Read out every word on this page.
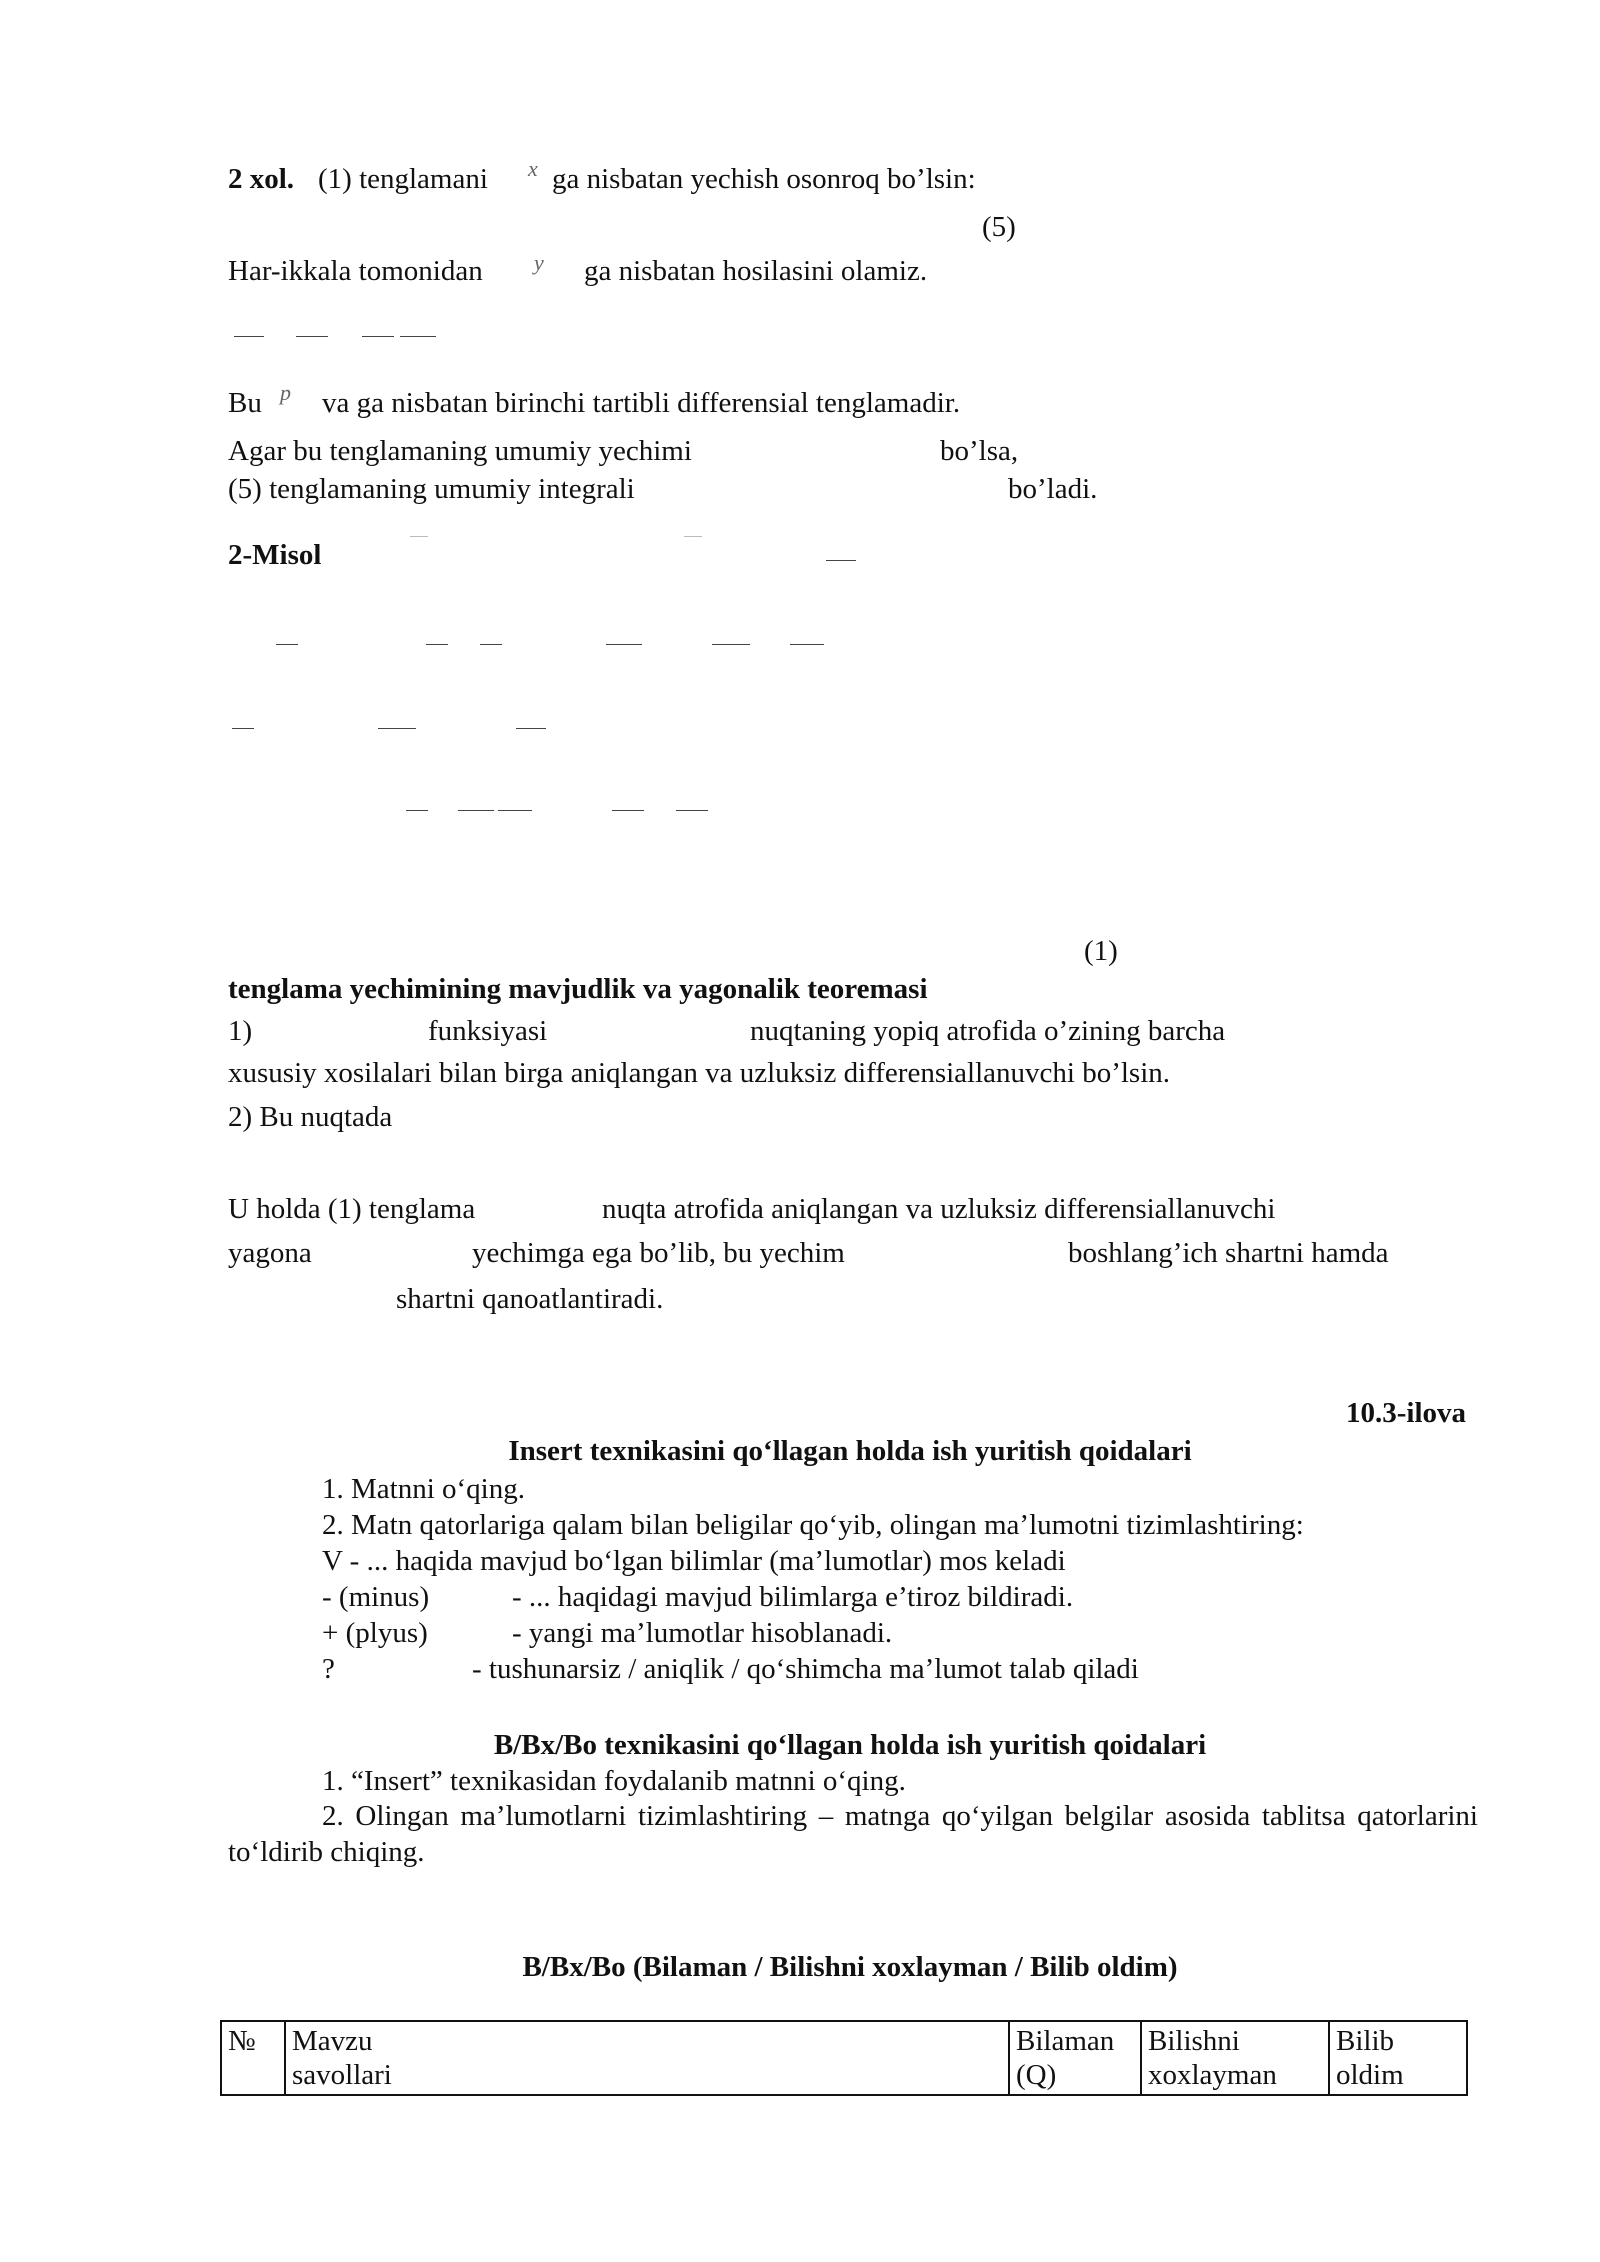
2 xol. (1) tenglamani x ga nisbatan yechish osonroq bo’lsin:
(5)
Har-ikkala tomonidan y ga nisbatan hosilasini olamiz.
Bu p va ga nisbatan birinchi tartibli differensial tenglamadir.
Agar bu tenglamaning umumiy yechimi	bo’lsa,
(5) tenglamaning umumiy integrali	bo’ladi.
2-Misol
(1)
tenglama yechimining mavjudlik va yagonalik teoremasi
1)	funksiyasi	nuqtaning yopiq atrofida o’zining barcha
xususiy xosilalari bilan birga aniqlangan va uzluksiz differensiallanuvchi bo’lsin.
2) Bu nuqtada
U holda (1) tenglama	nuqta atrofida aniqlangan va uzluksiz differensiallanuvchi
yagona	yechimga ega bo’lib, bu yechim	boshlang’ich shartni hamda
shartni qanoatlantiradi.
10.3-ilova
Insert texnikasini qo‘llagan holda ish yuritish qoidalari
1. Matnni o‘qing.
2. Matn qatorlariga qalam bilan beligilar qo‘yib, olingan ma’lumotni tizimlashtiring:
V - ... haqida mavjud bo‘lgan bilimlar (ma’lumotlar) mos keladi
- (minus)	- ... haqidagi mavjud bilimlarga e’tiroz bildiradi.
+ (plyus)	- yangi ma’lumotlar hisoblanadi.
?	- tushunarsiz / aniqlik / qo‘shimcha ma’lumot talab qiladi
B/Bx/Bo texnikasini qo‘llagan holda ish yuritish qoidalari
1. “Insert” texnikasidan foydalanib matnni o‘qing.
2. Olingan ma’lumotlarni tizimlashtiring – matnga qo‘yilgan belgilar asosida tablitsa qatorlarini to‘ldirib chiqing.
B/Bx/Bo (Bilaman / Bilishni xoxlayman / Bilib oldim)
№	Mavzu savollari	Bilaman (Q)	Bilishni xoxlayman	Bilib oldim
